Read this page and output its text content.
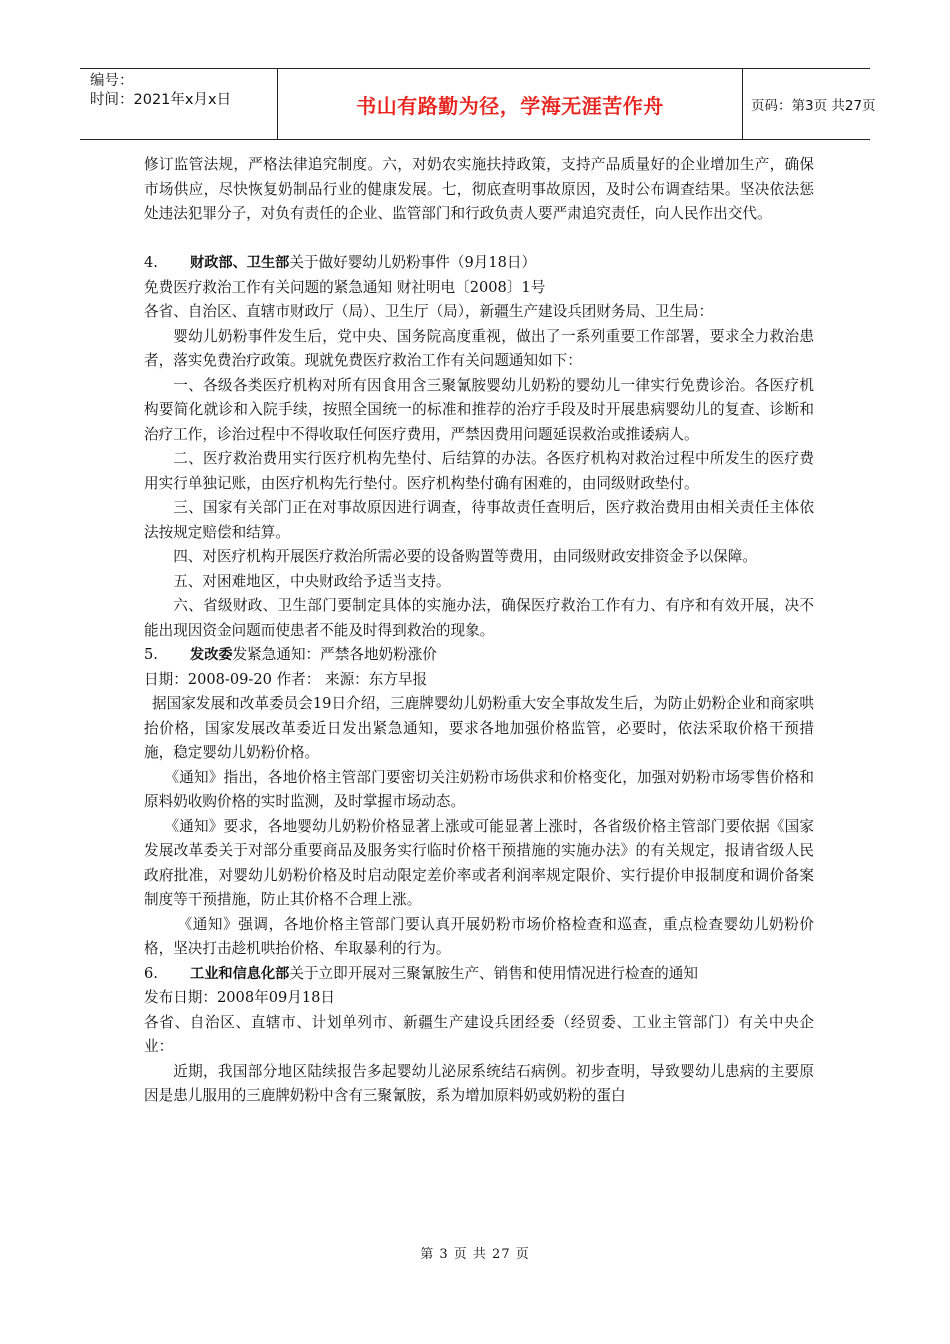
编号：
时间：2021年x月x日	书山有路勤为径，学海无涯苦作舟	页码：第3页 共27页

修订监管法规，严格法律追究制度。六，对奶农实施扶持政策，支持产品质量好的企业增加生产，确保市场供应，尽快恢复奶制品行业的健康发展。七，彻底查明事故原因，及时公布调查结果。坚决依法惩处违法犯罪分子，对负有责任的企业、监管部门和行政负责人要严肃追究责任，向人民作出交代。

4. 财政部、卫生部关于做好婴幼儿奶粉事件（9月18日）

免费医疗救治工作有关问题的紧急通知 财社明电〔2008〕1号

各省、自治区、直辖市财政厅（局）、卫生厅（局），新疆生产建设兵团财务局、卫生局：

婴幼儿奶粉事件发生后，党中央、国务院高度重视，做出了一系列重要工作部署，要求全力救治患者，落实免费治疗政策。现就免费医疗救治工作有关问题通知如下：

一、各级各类医疗机构对所有因食用含三聚氰胺婴幼儿奶粉的婴幼儿一律实行免费诊治。各医疗机构要简化就诊和入院手续，按照全国统一的标准和推荐的治疗手段及时开展患病婴幼儿的复查、诊断和治疗工作，诊治过程中不得收取任何医疗费用，严禁因费用问题延误救治或推诿病人。

二、医疗救治费用实行医疗机构先垫付、后结算的办法。各医疗机构对救治过程中所发生的医疗费用实行单独记账，由医疗机构先行垫付。医疗机构垫付确有困难的，由同级财政垫付。

三、国家有关部门正在对事故原因进行调查，待事故责任查明后，医疗救治费用由相关责任主体依法按规定赔偿和结算。

四、对医疗机构开展医疗救治所需必要的设备购置等费用，由同级财政安排资金予以保障。

五、对困难地区，中央财政给予适当支持。

六、省级财政、卫生部门要制定具体的实施办法，确保医疗救治工作有力、有序和有效开展，决不能出现因资金问题而使患者不能及时得到救治的现象。

5. 发改委发紧急通知：严禁各地奶粉涨价

日期：2008-09-20 作者： 来源：东方早报

据国家发展和改革委员会19日介绍，三鹿牌婴幼儿奶粉重大安全事故发生后，为防止奶粉企业和商家哄抬价格，国家发展改革委近日发出紧急通知，要求各地加强价格监管，必要时，依法采取价格干预措施，稳定婴幼儿奶粉价格。

《通知》指出，各地价格主管部门要密切关注奶粉市场供求和价格变化，加强对奶粉市场零售价格和原料奶收购价格的实时监测，及时掌握市场动态。

《通知》要求，各地婴幼儿奶粉价格显著上涨或可能显著上涨时，各省级价格主管部门要依据《国家发展改革委关于对部分重要商品及服务实行临时价格干预措施的实施办法》的有关规定，报请省级人民政府批准，对婴幼儿奶粉价格及时启动限定差价率或者利润率规定限价、实行提价申报制度和调价备案制度等干预措施，防止其价格不合理上涨。

《通知》强调，各地价格主管部门要认真开展奶粉市场价格检查和巡查，重点检查婴幼儿奶粉价格，坚决打击趁机哄抬价格、牟取暴利的行为。

6. 工业和信息化部关于立即开展对三聚氰胺生产、销售和使用情况进行检查的通知

发布日期：2008年09月18日

各省、自治区、直辖市、计划单列市、新疆生产建设兵团经委（经贸委、工业主管部门）有关中央企业：

近期，我国部分地区陆续报告多起婴幼儿泌尿系统结石病例。初步查明，导致婴幼儿患病的主要原因是患儿服用的三鹿牌奶粉中含有三聚氰胺，系为增加原料奶或奶粉的蛋白

第 3 页 共 27 页
